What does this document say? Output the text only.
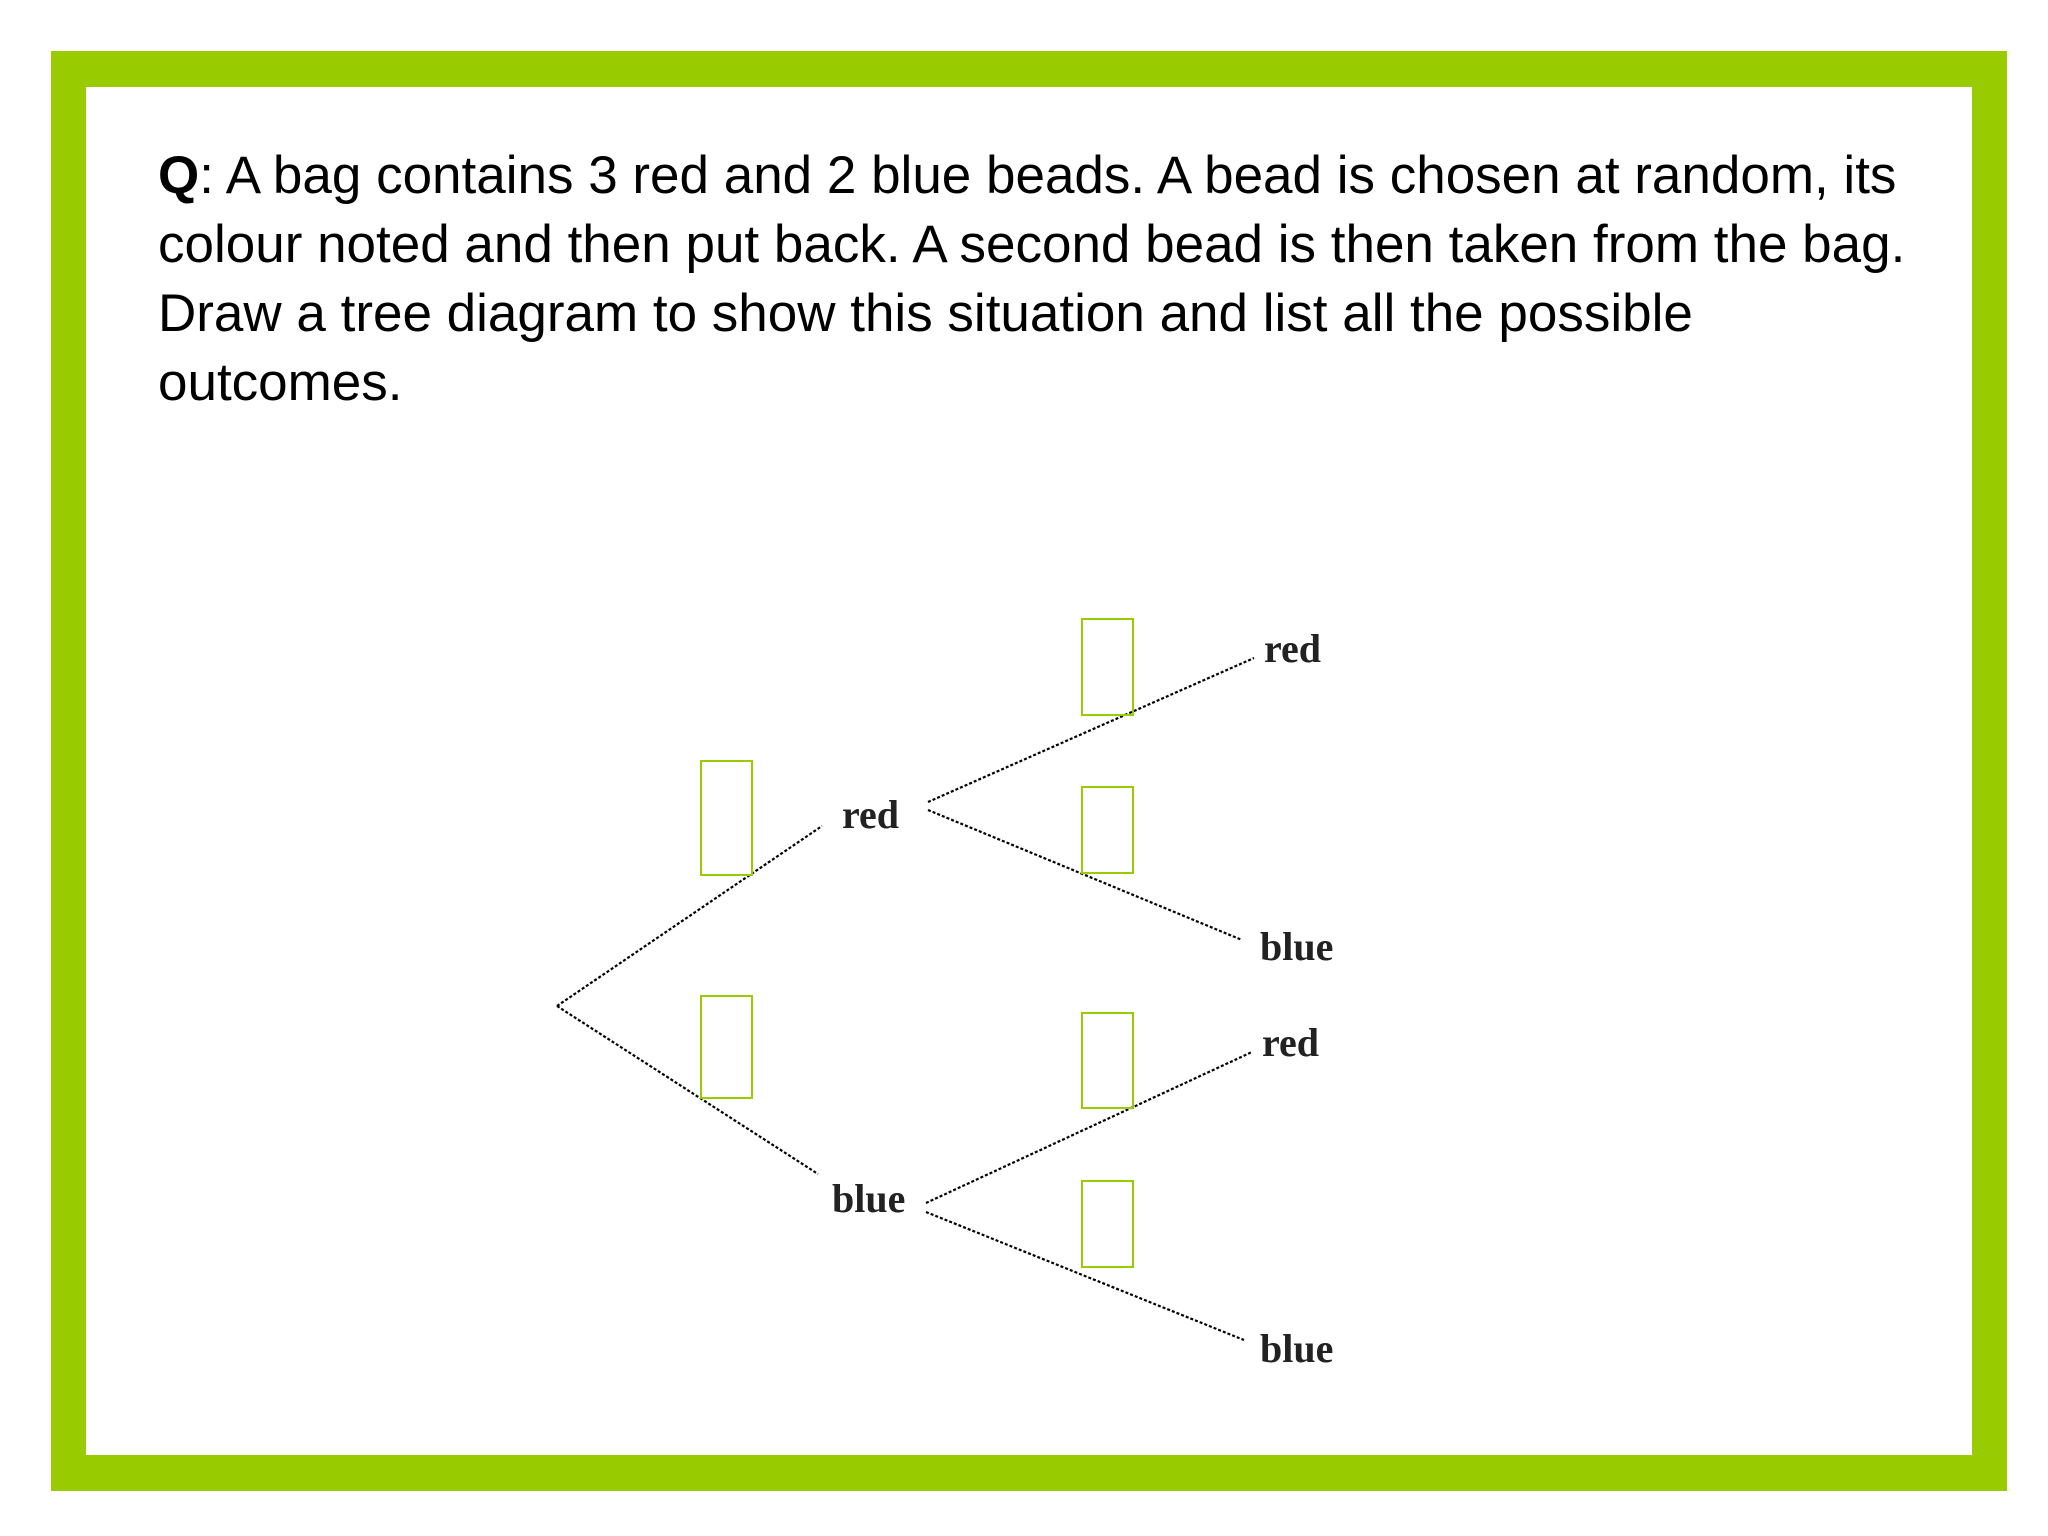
Q: A bag contains 3 red and 2 blue beads. A bead is chosen at random, its colour noted and then put back. A second bead is then taken from the bag. Draw a tree diagram to show this situation and list all the possible outcomes.

red
blue
red
blue
red
blue
